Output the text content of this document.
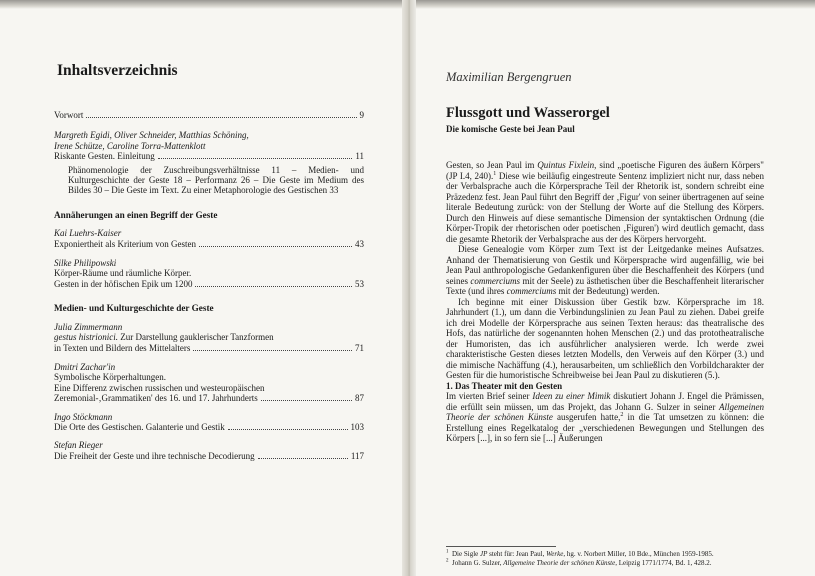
Inhaltsverzeichnis
Vorwort	9
Margreth Egidi, Oliver Schneider, Matthias Schöning,
Irene Schütze, Caroline Torra-Mattenklott
Riskante Gesten. Einleitung	11
Phänomenologie der Zuschreibungsverhältnisse 11 – Medien- und Kulturgeschichte der Geste 18 – Performanz 26 – Die Geste im Medium des Bildes 30 – Die Geste im Text. Zu einer Metaphorologie des Gestischen 33
Annäherungen an einen Begriff der Geste
Kai Luehrs-Kaiser
Exponiertheit als Kriterium von Gesten	43
Silke Philipowski
Körper-Räume und räumliche Körper.
Gesten in der höfischen Epik um 1200	53
Medien- und Kulturgeschichte der Geste
Julia Zimmermann
gestus histrionici. Zur Darstellung gauklerischer Tanzformen
in Texten und Bildern des Mittelalters	71
Dmitri Zachar'in
Symbolische Körperhaltungen.
Eine Differenz zwischen russischen und westeuropäischen
Zeremonial-‚Grammatiken' des 16. und 17. Jahrhunderts	87
Ingo Stöckmann
Die Orte des Gestischen. Galanterie und Gestik	103
Stefan Rieger
Die Freiheit der Geste und ihre technische Decodierung	117
Maximilian Bergengruen
Flussgott und Wasserorgel
Die komische Geste bei Jean Paul

Gesten, so Jean Paul im Quintus Fixlein, sind „poetische Figuren des äußern Körpers" (JP I.4, 240).$^1$ Diese wie beiläufig eingestreute Sentenz impliziert nicht nur, dass neben der Verbalsprache auch die Körpersprache Teil der Rhetorik ist, sondern schreibt eine Präzedenz fest. Jean Paul führt den Begriff der ‚Figur' von seiner übertragenen auf seine literale Bedeutung zurück: von der Stellung der Worte auf die Stellung des Körpers. Durch den Hinweis auf diese semantische Dimension der syntaktischen Ordnung (die Körper-Tropik der rhetorischen oder poetischen ‚Figuren') wird deutlich gemacht, dass die gesamte Rhetorik der Verbalsprache aus der des Körpers hervorgeht.

Diese Genealogie vom Körper zum Text ist der Leitgedanke meines Aufsatzes. Anhand der Thematisierung von Gestik und Körpersprache wird augenfällig, wie bei Jean Paul anthropologische Gedankenfiguren über die Beschaffenheit des Körpers (und seines commerciums mit der Seele) zu ästhetischen über die Beschaffenheit literarischer Texte (und ihres commerciums mit der Bedeutung) werden.

Ich beginne mit einer Diskussion über Gestik bzw. Körpersprache im 18. Jahrhundert (1.), um dann die Verbindungslinien zu Jean Paul zu ziehen. Dabei greife ich drei Modelle der Körpersprache aus seinen Texten heraus: das theatralische des Hofs, das natürliche der sogenannten hohen Menschen (2.) und das prototheatralische der Humoristen, das ich ausführlicher analysieren werde. Ich werde zwei charakteristische Gesten dieses letzten Modells, den Verweis auf den Körper (3.) und die mimische Nachäffung (4.), herausarbeiten, um schließlich den Vorbildcharakter der Gesten für die humoristische Schreibweise bei Jean Paul zu diskutieren (5.).

1. Das Theater mit den Gesten

Im vierten Brief seiner Ideen zu einer Mimik diskutiert Johann J. Engel die Prämissen, die erfüllt sein müssen, um das Projekt, das Johann G. Sulzer in seiner Allgemeinen Theorie der schönen Künste ausgerufen hatte,$^2$ in die Tat umsetzen zu können: die Erstellung eines Regelkatalog der „verschiedenen Bewegungen und Stellungen des Körpers [...], in so fern sie [...] Äußerungen

$^1$ Die Sigle JP steht für: Jean Paul, Werke, hg. v. Norbert Miller, 10 Bde., München 1959-1985.
$^2$ Johann G. Sulzer, Allgemeine Theorie der schönen Künste, Leipzig 1771/1774, Bd. 1, 428.2.
